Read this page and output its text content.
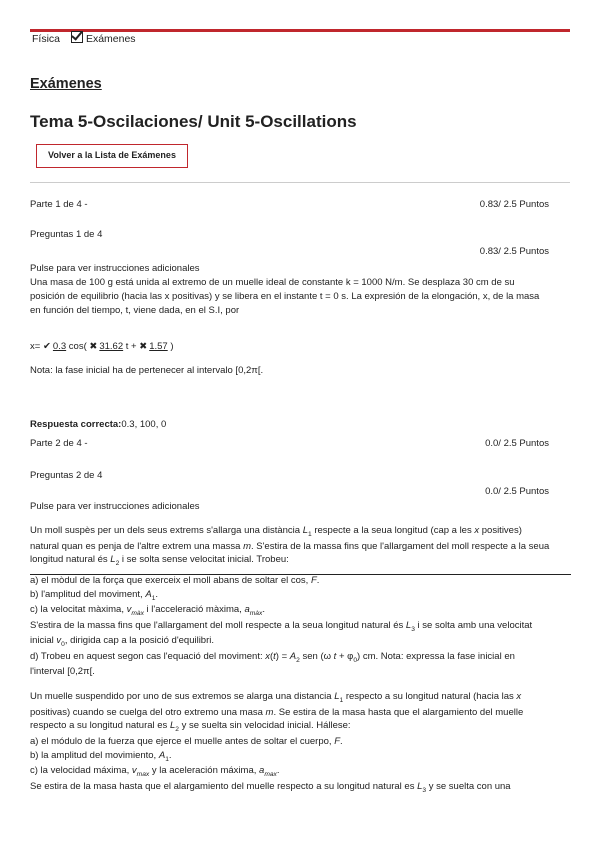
Física Exámenes
Exámenes
Tema 5-Oscilaciones/ Unit 5-Oscillations
Volver a la Lista de Exámenes
Parte 1 de 4 -	0.83/ 2.5 Puntos
Preguntas 1 de 4
0.83/ 2.5 Puntos
Pulse para ver instrucciones adicionales
Una masa de 100 g está unida al extremo de un muelle ideal de constante k = 1000 N/m. Se desplaza 30 cm de su posición de equilibrio (hacia las x positivas) y se libera en el instante t = 0 s. La expresión de la elongación, x, de la masa en función del tiempo, t, viene dada, en el S.I, por
x= ✔ 0.3 cos( ✖ 31.62 t + ✖ 1.57 )
Nota: la fase inicial ha de pertenecer al intervalo [0,2π[.
Respuesta correcta:0.3, 100, 0
Parte 2 de 4 -	0.0/ 2.5 Puntos
Preguntas 2 de 4
0.0/ 2.5 Puntos
Pulse para ver instrucciones adicionales
Un moll suspès per un dels seus extrems s'allarga una distància $L_1$ respecte a la seua longitud (cap a les x positives) natural quan es penja de l'altre extrem una massa m. S'estira de la massa fins que l'allargament del moll respecte a la seua longitud natural és $L_2$ i se solta sense velocitat inicial. Trobeu:
a) el mòdul de la força que exerceix el moll abans de soltar el cos, F.
b) l'amplitud del moviment, $A_1$.
c) la velocitat màxima, $v_{màx}$ i l'acceleració màxima, $a_{màx}$.
S'estira de la massa fins que l'allargament del moll respecte a la seua longitud natural és $L_3$ i se solta amb una velocitat inicial $v_0$, dirigida cap a la posició d'equilibri.
d) Trobeu en aquest segon cas l'equació del moviment: $x(t) = A_2$ sen (ω $t + \varphi_0$) cm. Nota: expressa la fase inicial en l'interval [0,2π[.
Un muelle suspendido por uno de sus extremos se alarga una distancia $L_1$ respecto a su longitud natural (hacia las x positivas) cuando se cuelga del otro extremo una masa m. Se estira de la masa hasta que el alargamiento del muelle respecto a su longitud natural es $L_2$ y se suelta sin velocidad inicial. Hállese:
a) el módulo de la fuerza que ejerce el muelle antes de soltar el cuerpo, F.
b) la amplitud del movimiento, $A_1$.
c) la velocidad máxima, $v_{max}$ y la aceleración máxima, $a_{max}$.
Se estira de la masa hasta que el alargamiento del muelle respecto a su longitud natural es $L_3$ y se suelta con una
